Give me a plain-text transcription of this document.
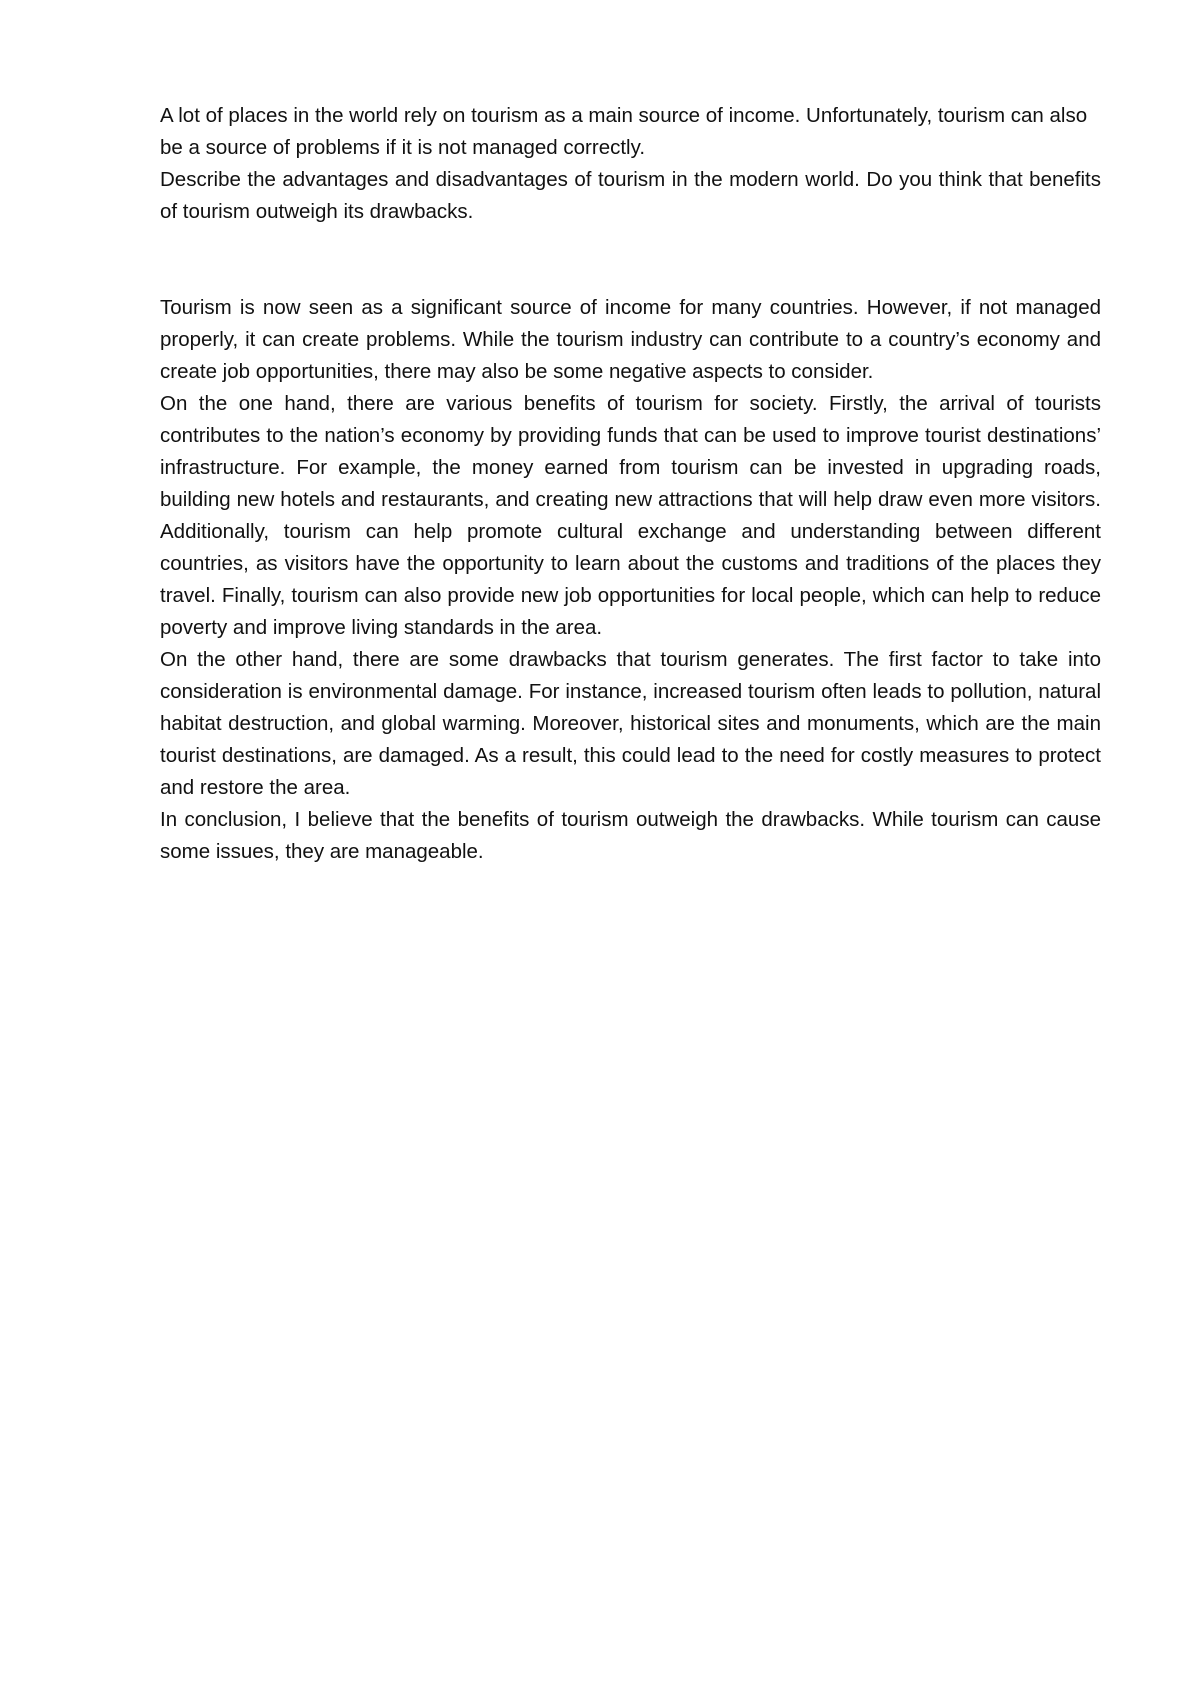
A lot of places in the world rely on tourism as a main source of income. Unfortunately, tourism can also be a source of problems if it is not managed correctly.

Describe the advantages and disadvantages of tourism in the modern world. Do you think that benefits of tourism outweigh its drawbacks.

Tourism is now seen as a significant source of income for many countries. However, if not managed properly, it can create problems. While the tourism industry can contribute to a country’s economy and create job opportunities, there may also be some negative aspects to consider.

On the one hand, there are various benefits of tourism for society. Firstly, the arrival of tourists contributes to the nation’s economy by providing funds that can be used to improve tourist destinations’ infrastructure. For example, the money earned from tourism can be invested in upgrading roads, building new hotels and restaurants, and creating new attractions that will help draw even more visitors. Additionally, tourism can help promote cultural exchange and understanding between different countries, as visitors have the opportunity to learn about the customs and traditions of the places they travel. Finally, tourism can also provide new job opportunities for local people, which can help to reduce poverty and improve living standards in the area.

On the other hand, there are some drawbacks that tourism generates. The first factor to take into consideration is environmental damage. For instance, increased tourism often leads to pollution, natural habitat destruction, and global warming. Moreover, historical sites and monuments, which are the main tourist destinations, are damaged. As a result, this could lead to the need for costly measures to protect and restore the area.

In conclusion, I believe that the benefits of tourism outweigh the drawbacks. While tourism can cause some issues, they are manageable.
